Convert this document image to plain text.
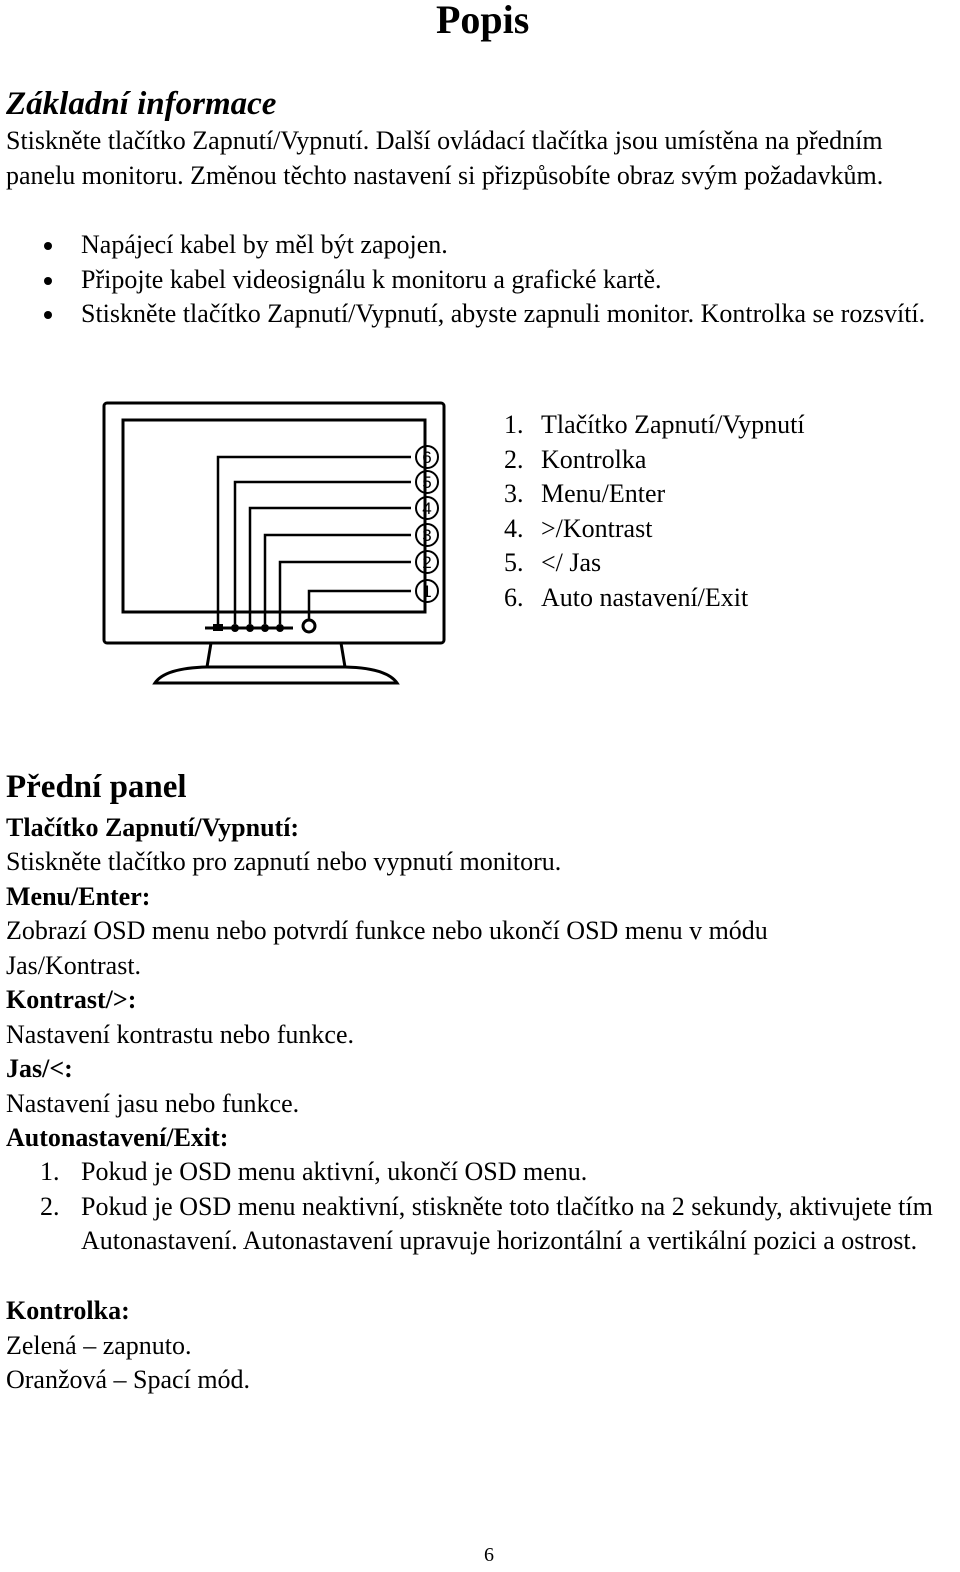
Popis
Základní informace
Stiskněte tlačítko Zapnutí/Vypnutí. Další ovládací tlačítka jsou umístěna na předním panelu monitoru. Změnou těchto nastavení si přizpůsobíte obraz svým požadavkům.
Napájecí kabel by měl být zapojen.
Připojte kabel videosignálu k monitoru a grafické kartě.
Stiskněte tlačítko Zapnutí/Vypnutí, abyste zapnuli monitor. Kontrolka se rozsvítí.
6
5
4
3
2
1
1. Tlačítko Zapnutí/Vypnutí
2. Kontrolka
3. Menu/Enter
4. >/Kontrast
5. </ Jas
6. Auto nastavení/Exit
Přední panel
Tlačítko Zapnutí/Vypnutí:
Stiskněte tlačítko pro zapnutí nebo vypnutí monitoru.
Menu/Enter:
Zobrazí OSD menu nebo potvrdí funkce nebo ukončí OSD menu v módu Jas/Kontrast.
Kontrast/>:
Nastavení kontrastu nebo funkce.
Jas/<:
Nastavení jasu nebo funkce.
Autonastavení/Exit:
1. Pokud je OSD menu aktivní, ukončí OSD menu.
2. Pokud je OSD menu neaktivní, stiskněte toto tlačítko na 2 sekundy, aktivujete tím Autonastavení. Autonastavení upravuje horizontální a vertikální pozici a ostrost.
Kontrolka:
Zelená – zapnuto.
Oranžová – Spací mód.
6
